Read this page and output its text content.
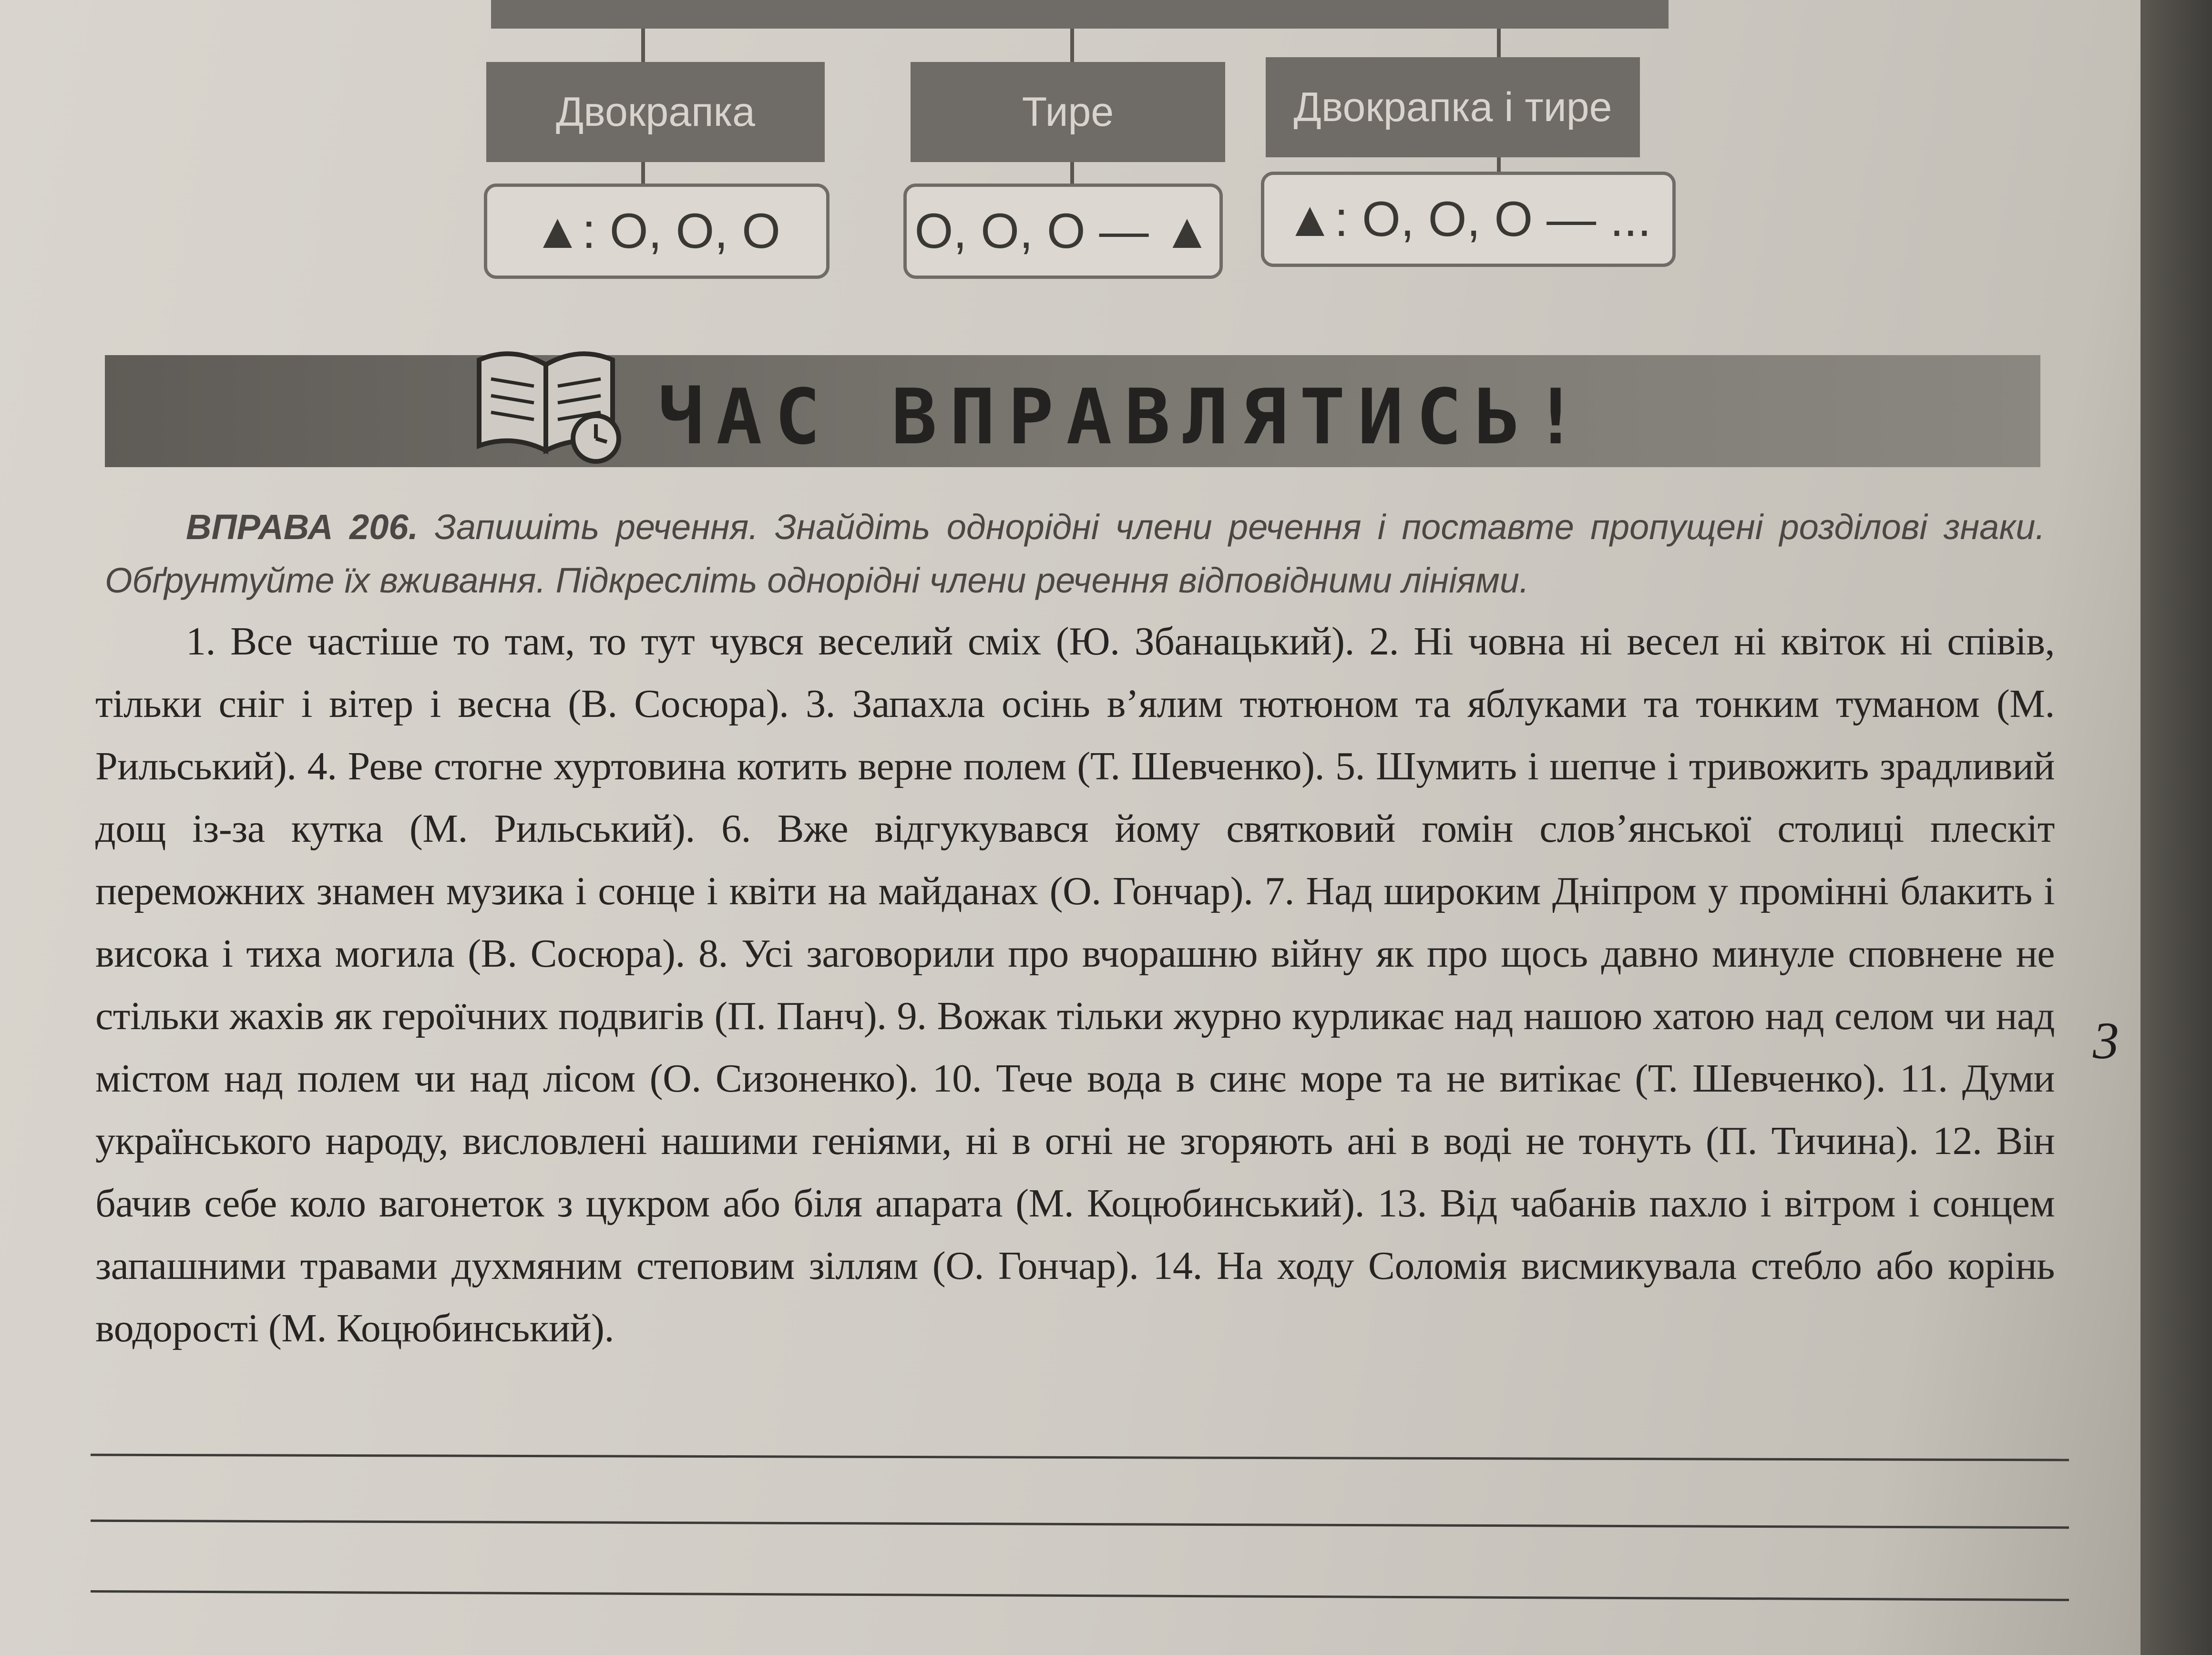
Двокрапка	Тире	Двокрапка і тире
▲: О, О, О	О, О, О — ▲ ▲: О, О, О — ...
ЧАС ВПРАВЛЯТИСЬ!
ВПРАВА 206. Запишіть речення. Знайдіть однорідні члени речення і поставте пропущені розділові знаки. Обґрунтуйте їх вживання. Підкресліть однорідні члени речення відповідними лініями.
1. Все частіше то там, то тут чувся веселий сміх (Ю. Збанацький). 2. Ні човна ні весел ні квіток ні співів, тільки сніг і вітер і весна (В. Сосюра). 3. Запахла осінь в’ялим тютюном та яблуками та тонким туманом (М. Рильський). 4. Реве стогне хуртовина котить верне полем (Т. Шевченко). 5. Шумить і шепче і тривожить зрадливий дощ із-за кутка (М. Рильський). 6. Вже відгукувався йому святковий гомін слов’янської столиці плескіт переможних знамен музика і сонце і квіти на майданах (О. Гончар). 7. Над широким Дніпром у промінні блакить і висока і тиха могила (В. Сосюра). 8. Усі заговорили про вчорашню війну як про щось давно минуле сповнене не стільки жахів як героїчних подвигів (П. Панч). 9. Вожак тільки журно курликає над нашою хатою над селом чи над містом над полем чи над лісом (О. Сизоненко). 10. Тече вода в синє море та не витікає (Т. Шевченко). 11. Думи українського народу, висловлені нашими геніями, ні в огні не згоряють ані в воді не тонуть (П. Тичина). 12. Він бачив себе коло вагонеток з цукром або біля апарата (М. Коцюбинський). 13. Від чабанів пахло і вітром і сонцем запашними травами духмяним степовим зіллям (О. Гончар). 14. На ходу Соломія висмикувала стебло або корінь водорості (М. Коцюбинський).
3
